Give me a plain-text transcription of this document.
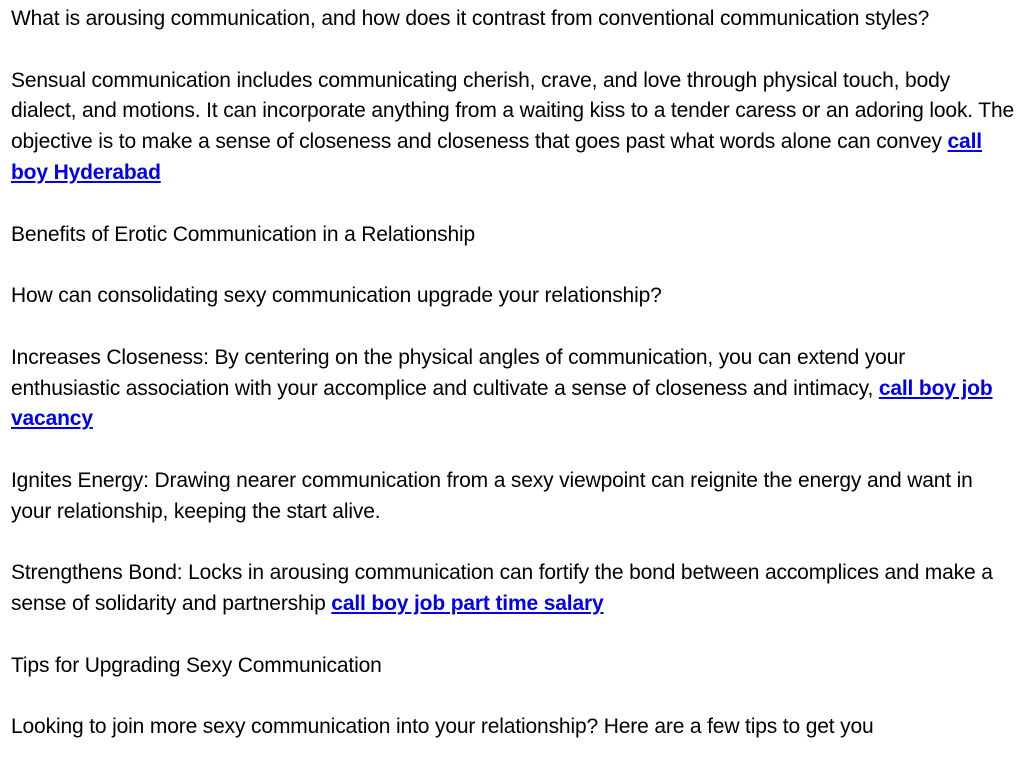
What is arousing communication, and how does it contrast from conventional communication styles?

Sensual communication includes communicating cherish, crave, and love through physical touch, body dialect, and motions. It can incorporate anything from a waiting kiss to a tender caress or an adoring look. The objective is to make a sense of closeness and closeness that goes past what words alone can convey call boy Hyderabad

Benefits of Erotic Communication in a Relationship

How can consolidating sexy communication upgrade your relationship?

Increases Closeness: By centering on the physical angles of communication, you can extend your enthusiastic association with your accomplice and cultivate a sense of closeness and intimacy, call boy job vacancy

Ignites Energy: Drawing nearer communication from a sexy viewpoint can reignite the energy and want in your relationship, keeping the start alive.

Strengthens Bond: Locks in arousing communication can fortify the bond between accomplices and make a sense of solidarity and partnership call boy job part time salary

Tips for Upgrading Sexy Communication

Looking to join more sexy communication into your relationship? Here are a few tips to get you
